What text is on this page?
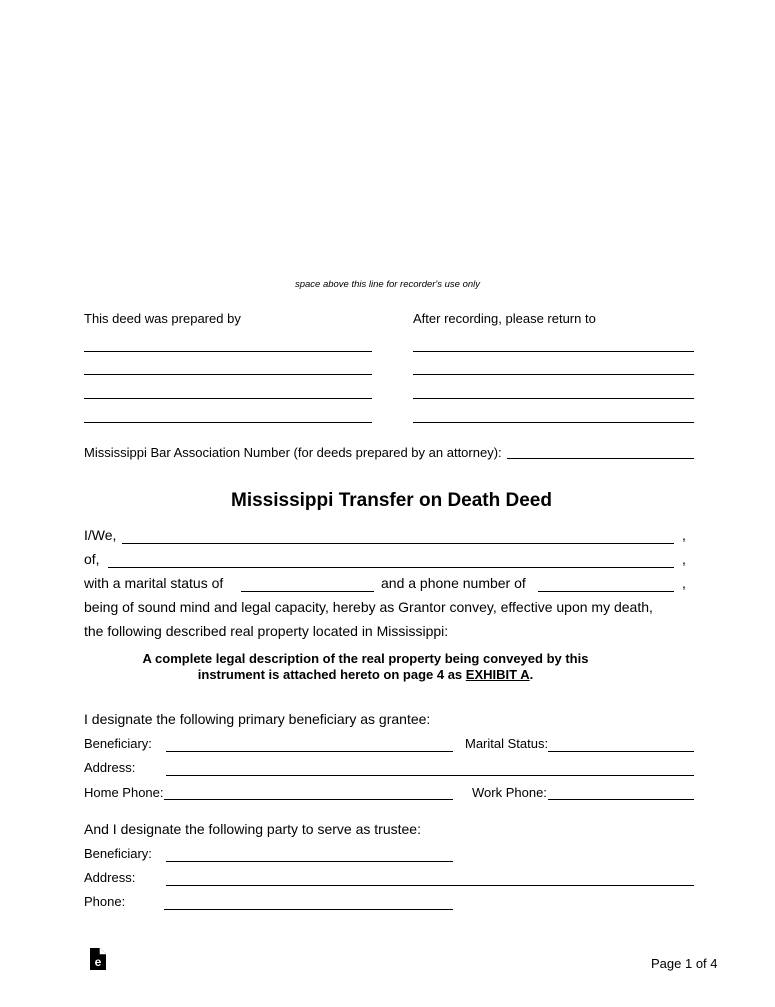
space above this line for recorder's use only
This deed was prepared by	After recording, please return to
Mississippi Bar Association Number (for deeds prepared by an attorney):
Mississippi Transfer on Death Deed
I/We,	,
of,	,
with a marital status of	and a phone number of	,
being of sound mind and legal capacity, hereby as Grantor convey, effective upon my death,
the following described real property located in Mississippi:
A complete legal description of the real property being conveyed by this
instrument is attached hereto on page 4 as EXHIBIT A.
I designate the following primary beneficiary as grantee:
Beneficiary:	Marital Status:
Address:
Home Phone:	Work Phone:
And I designate the following party to serve as trustee:
Beneficiary:
Address:
Phone:
e	Page 1 of 4
